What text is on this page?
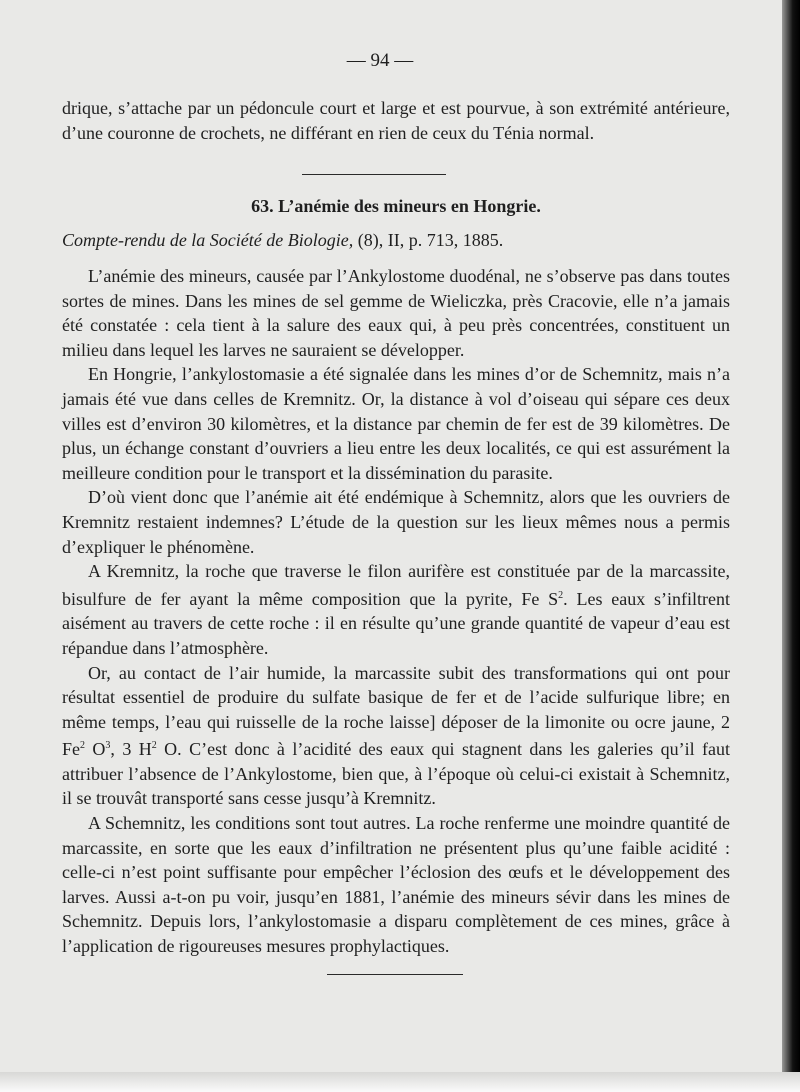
— 94 —

drique, s’attache par un pédoncule court et large et est pourvue, à son extrémité antérieure, d’une couronne de crochets, ne différant en rien de ceux du Ténia normal.

63. L’anémie des mineurs en Hongrie.
Compte-rendu de la Société de Biologie, (8), II, p. 713, 1885.

L’anémie des mineurs, causée par l’Ankylostome duodénal, ne s’observe pas dans toutes sortes de mines. Dans les mines de sel gemme de Wieliczka, près Cracovie, elle n’a jamais été constatée : cela tient à la salure des eaux qui, à peu près concentrées, constituent un milieu dans lequel les larves ne sauraient se développer.

En Hongrie, l’ankylostomasie a été signalée dans les mines d’or de Schemnitz, mais n’a jamais été vue dans celles de Kremnitz. Or, la distance à vol d’oiseau qui sépare ces deux villes est d’environ 30 kilomètres, et la distance par chemin de fer est de 39 kilomètres. De plus, un échange constant d’ouvriers a lieu entre les deux localités, ce qui est assurément la meilleure condition pour le transport et la dissémination du parasite.

D’où vient donc que l’anémie ait été endémique à Schemnitz, alors que les ouvriers de Kremnitz restaient indemnes? L’étude de la question sur les lieux mêmes nous a permis d’expliquer le phénomène.

A Kremnitz, la roche que traverse le filon aurifère est constituée par de la marcassite, bisulfure de fer ayant la même composition que la pyrite, Fe $S^2$. Les eaux s’infiltrent aisément au travers de cette roche : il en résulte qu’une grande quantité de vapeur d’eau est répandue dans l’atmosphère.

Or, au contact de l’air humide, la marcassite subit des transformations qui ont pour résultat essentiel de produire du sulfate basique de fer et de l’acide sulfurique libre; en même temps, l’eau qui ruisselle de la roche laisse] déposer de la limonite ou ocre jaune, 2 Fe$^2$ $O^3$, 3 $H^2$ O. C’est donc à l’acidité des eaux qui stagnent dans les galeries qu’il faut attribuer l’absence de l’Ankylostome, bien que, à l’époque où celui-ci existait à Schemnitz, il se trouvât transporté sans cesse jusqu’à Kremnitz.

A Schemnitz, les conditions sont tout autres. La roche renferme une moindre quantité de marcassite, en sorte que les eaux d’infiltration ne présentent plus qu’une faible acidité : celle-ci n’est point suffisante pour empêcher l’éclosion des œufs et le développement des larves. Aussi a-t-on pu voir, jusqu’en 1881, l’anémie des mineurs sévir dans les mines de Schemnitz. Depuis lors, l’ankylostomasie a disparu complètement de ces mines, grâce à l’application de rigoureuses mesures prophylactiques.
